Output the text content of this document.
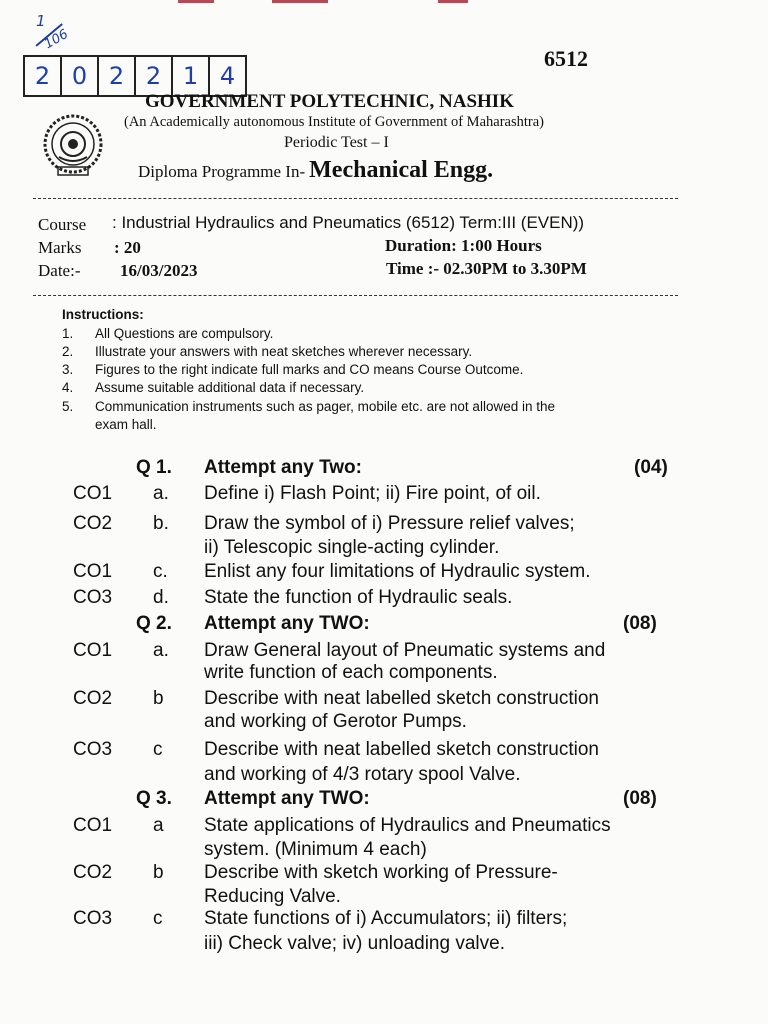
1
106
2 0 2 2 1 4
6512
GOVERNMENT POLYTECHNIC, NASHIK
(An Academically autonomous Institute of Government of Maharashtra)
Periodic Test – I
Diploma Programme In- Mechanical Engg.
Course : Industrial Hydraulics and Pneumatics (6512) Term:III (EVEN))
Marks : 20	Duration: 1:00 Hours
Date:- 16/03/2023	Time :- 02.30PM to 3.30PM
Instructions:
1. All Questions are compulsory.
2. Illustrate your answers with neat sketches wherever necessary.
3. Figures to the right indicate full marks and CO means Course Outcome.
4. Assume suitable additional data if necessary.
5. Communication instruments such as pager, mobile etc. are not allowed in the
exam hall.
Q 1. Attempt any Two:	(04)
CO1 a. Define i) Flash Point; ii) Fire point, of oil.
CO2 b. Draw the symbol of i) Pressure relief valves;
ii) Telescopic single-acting cylinder.
CO1 c. Enlist any four limitations of Hydraulic system.
CO3 d. State the function of Hydraulic seals.
Q 2. Attempt any TWO:	(08)
CO1 a. Draw General layout of Pneumatic systems and
write function of each components.
CO2 b Describe with neat labelled sketch construction
and working of Gerotor Pumps.
CO3 c Describe with neat labelled sketch construction
and working of 4/3 rotary spool Valve.
Q 3. Attempt any TWO:	(08)
CO1 a State applications of Hydraulics and Pneumatics
system. (Minimum 4 each)
CO2 b Describe with sketch working of Pressure-
Reducing Valve.
CO3 c State functions of i) Accumulators; ii) filters;
iii) Check valve; iv) unloading valve.
